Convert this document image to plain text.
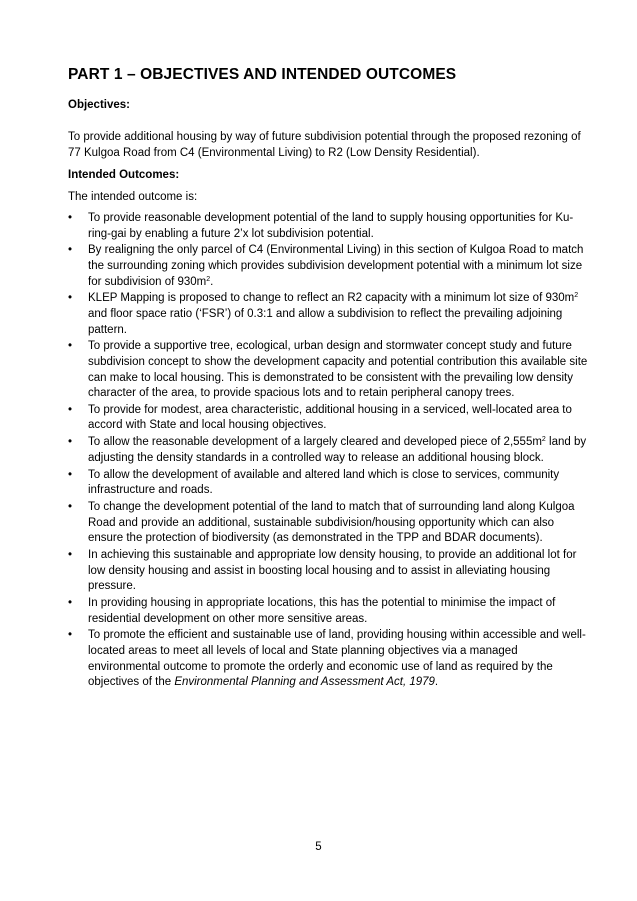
PART 1 – OBJECTIVES AND INTENDED OUTCOMES

Objectives:

To provide additional housing by way of future subdivision potential through the proposed rezoning of 77 Kulgoa Road from C4 (Environmental Living) to R2 (Low Density Residential).

Intended Outcomes:

The intended outcome is:

• To provide reasonable development potential of the land to supply housing opportunities for Ku-ring-gai by enabling a future 2’x lot subdivision potential.
• By realigning the only parcel of C4 (Environmental Living) in this section of Kulgoa Road to match the surrounding zoning which provides subdivision development potential with a minimum lot size for subdivision of $930m^2$.
• KLEP Mapping is proposed to change to reflect an R2 capacity with a minimum lot size of $930m^2$ and floor space ratio (‘FSR’) of 0.3:1 and allow a subdivision to reflect the prevailing adjoining pattern.
• To provide a supportive tree, ecological, urban design and stormwater concept study and future subdivision concept to show the development capacity and potential contribution this available site can make to local housing. This is demonstrated to be consistent with the prevailing low density character of the area, to provide spacious lots and to retain peripheral canopy trees.
• To provide for modest, area characteristic, additional housing in a serviced, well-located area to accord with State and local housing objectives.
• To allow the reasonable development of a largely cleared and developed piece of $2,555m^2$ land by adjusting the density standards in a controlled way to release an additional housing block.
• To allow the development of available and altered land which is close to services, community infrastructure and roads.
• To change the development potential of the land to match that of surrounding land along Kulgoa Road and provide an additional, sustainable subdivision/housing opportunity which can also ensure the protection of biodiversity (as demonstrated in the TPP and BDAR documents).
• In achieving this sustainable and appropriate low density housing, to provide an additional lot for low density housing and assist in boosting local housing and to assist in alleviating housing pressure.
• In providing housing in appropriate locations, this has the potential to minimise the impact of residential development on other more sensitive areas.
• To promote the efficient and sustainable use of land, providing housing within accessible and well-located areas to meet all levels of local and State planning objectives via a managed environmental outcome to promote the orderly and economic use of land as required by the objectives of the Environmental Planning and Assessment Act, 1979.
5
